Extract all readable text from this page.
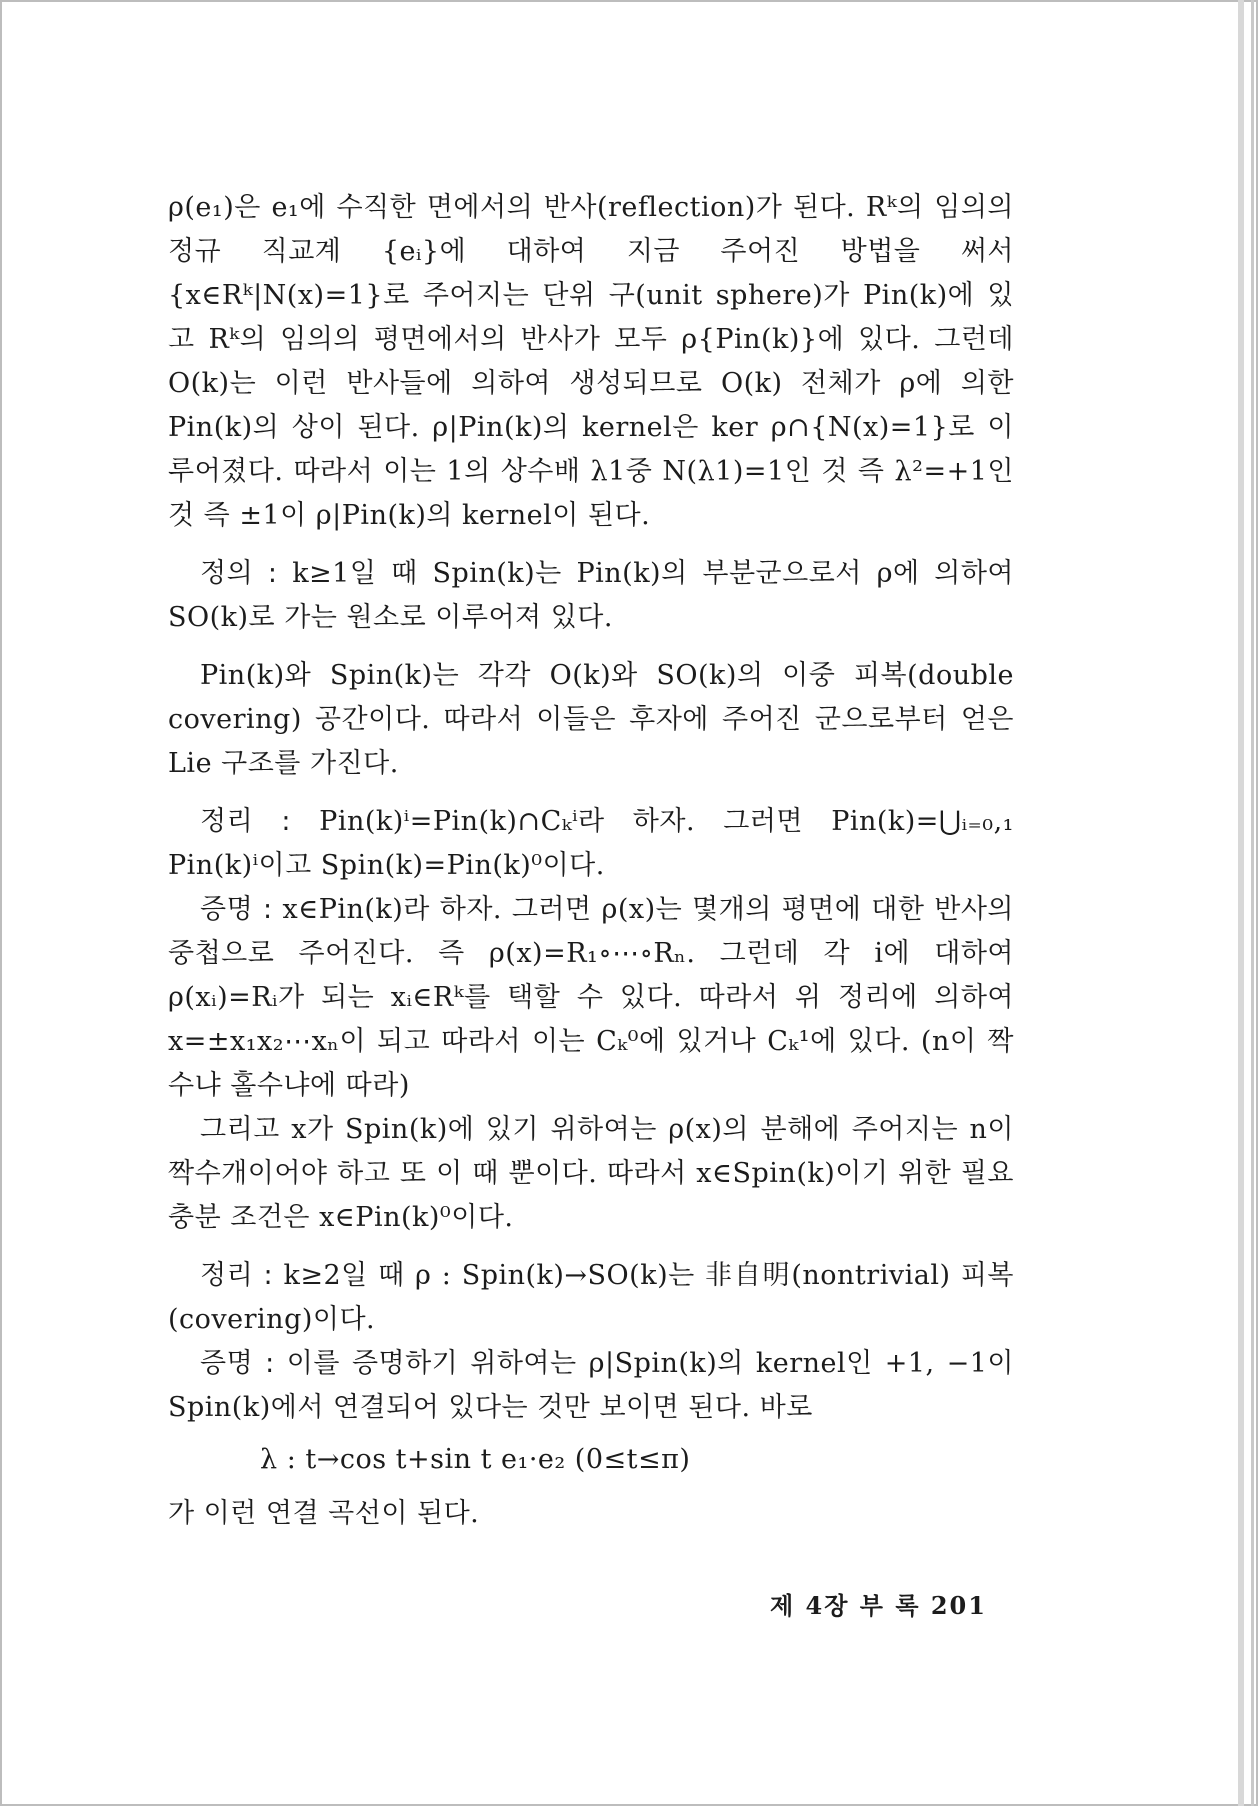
ρ(e₁)은 e₁에 수직한 면에서의 반사(reflection)가 된다. Rᵏ의 임의의 정규 직교계 {eᵢ}에 대하여 지금 주어진 방법을 써서 {x∈Rᵏ|N(x)=1}로 주어지는 단위 구(unit sphere)가 Pin(k)에 있고 Rᵏ의 임의의 평면에서의 반사가 모두 ρ{Pin(k)}에 있다. 그런데 O(k)는 이런 반사들에 의하여 생성되므로 O(k) 전체가 ρ에 의한 Pin(k)의 상이 된다. ρ|Pin(k)의 kernel은 ker ρ∩{N(x)=1}로 이루어졌다. 따라서 이는 1의 상수배 λ1중 N(λ1)=1인 것 즉 λ²=+1인 것 즉 ±1이 ρ|Pin(k)의 kernel이 된다.

정의 : k≥1일 때 Spin(k)는 Pin(k)의 부분군으로서 ρ에 의하여 SO(k)로 가는 원소로 이루어져 있다.

Pin(k)와 Spin(k)는 각각 O(k)와 SO(k)의 이중 피복(double covering) 공간이다. 따라서 이들은 후자에 주어진 군으로부터 얻은 Lie 구조를 가진다.

정리 : Pin(k)ⁱ=Pin(k)∩Cₖⁱ라 하자. 그러면 Pin(k)=⋃ᵢ₌₀,₁ Pin(k)ⁱ이고 Spin(k)=Pin(k)⁰이다.

증명 : x∈Pin(k)라 하자. 그러면 ρ(x)는 몇개의 평면에 대한 반사의 중첩으로 주어진다. 즉 ρ(x)=R₁∘⋯∘Rₙ. 그런데 각 i에 대하여 ρ(xᵢ)=Rᵢ가 되는 xᵢ∈Rᵏ를 택할 수 있다. 따라서 위 정리에 의하여 x=±x₁x₂⋯xₙ이 되고 따라서 이는 Cₖ⁰에 있거나 Cₖ¹에 있다. (n이 짝수냐 홀수냐에 따라)

그리고 x가 Spin(k)에 있기 위하여는 ρ(x)의 분해에 주어지는 n이 짝수개이어야 하고 또 이 때 뿐이다. 따라서 x∈Spin(k)이기 위한 필요 충분 조건은 x∈Pin(k)⁰이다.

정리 : k≥2일 때 ρ : Spin(k)→SO(k)는 非自明(nontrivial) 피복(covering)이다.

증명 : 이를 증명하기 위하여는 ρ|Spin(k)의 kernel인 +1, −1이 Spin(k)에서 연결되어 있다는 것만 보이면 된다. 바로

λ : t→cos t+sin t e₁·e₂ (0≤t≤π)

가 이런 연결 곡선이 된다.

제 4장 부 록 201
